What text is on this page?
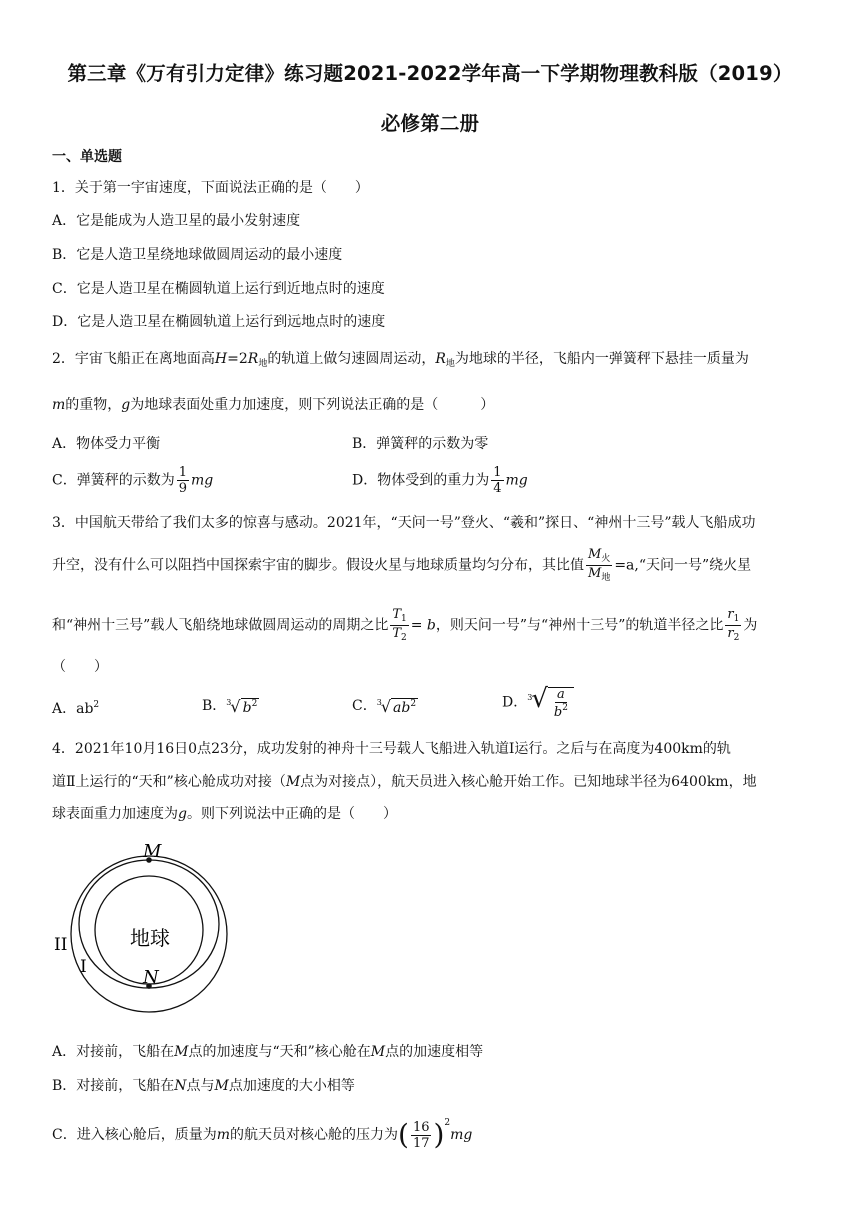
第三章《万有引力定律》练习题2021-2022学年高一下学期物理教科版（2019）
必修第二册
一、单选题
1．关于第一宇宙速度，下面说法正确的是（　　）
A．它是能成为人造卫星的最小发射速度
B．它是人造卫星绕地球做圆周运动的最小速度
C．它是人造卫星在椭圆轨道上运行到近地点时的速度
D．它是人造卫星在椭圆轨道上运行到远地点时的速度
2．宇宙飞船正在离地面高$H=2R_地$的轨道上做匀速圆周运动，$R_地$为地球的半径，飞船内一弹簧秤下悬挂一质量为
m的重物，g为地球表面处重力加速度，则下列说法正确的是（　　　）
A．物体受力平衡	B．弹簧秤的示数为零
C．弹簧秤的示数为 $\frac{1}{9}$ mg	D．物体受到的重力为 $\frac{1}{4}$ mg
3．中国航天带给了我们太多的惊喜与感动。2021年，“天问一号”登火、“羲和”探日、“神州十三号”载人飞船成功
升空，没有什么可以阻挡中国探索宇宙的脚步。假设火星与地球质量均匀分布，其比值 $\frac{M_火}{M_地}$ =a,“天问一号”绕火星
和“神州十三号”载人飞船绕地球做圆周运动的周期之比 $\frac{T_1}{T_2} = b$，则天问一号”与“神州十三号”的轨道半径之比 $\frac{r_1}{r_2}$ 为
（　　）
A．$ab^2$	B．$^3$√ $b^2$	C．$^3$√ $ab^2$	D．$^3√ \frac{a}{b^2}$
4．2021年10月16日0点23分，成功发射的神舟十三号载人飞船进入轨道Ⅰ运行。之后与在高度为400km的轨
道Ⅱ上运行的“天和”核心舱成功对接（M点为对接点），航天员进入核心舱开始工作。已知地球半径为6400km，地
球表面重力加速度为g。则下列说法中正确的是（　　）
M
N
地球
II
I
A．对接前，飞船在M点的加速度与“天和”核心舱在M点的加速度相等
B．对接前，飞船在N点与M点加速度的大小相等
C．进入核心舱后，质量为m的航天员对核心舱的压力为( $\frac{16}{17} )^2mg$
